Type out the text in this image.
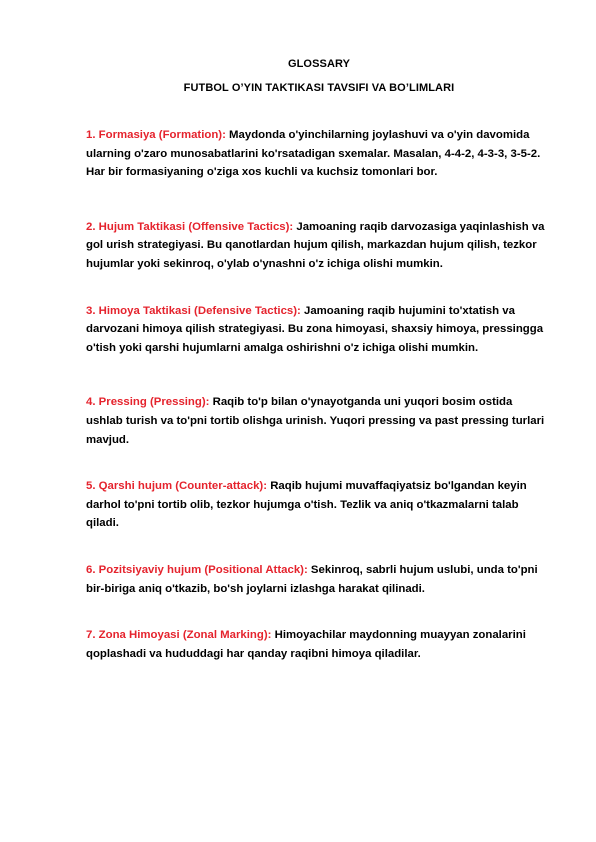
GLOSSARY

FUTBOL O’YIN TAKTIKASI TAVSIFI VA BO’LIMLARI

1. Formasiya (Formation): Maydonda o'yinchilarning joylashuvi va o'yin davomida ularning o'zaro munosabatlarini ko'rsatadigan sxemalar. Masalan, 4-4-2, 4-3-3, 3-5-2. Har bir formasiyaning o'ziga xos kuchli va kuchsiz tomonlari bor.

2. Hujum Taktikasi (Offensive Tactics): Jamoaning raqib darvozasiga yaqinlashish va gol urish strategiyasi. Bu qanotlardan hujum qilish, markazdan hujum qilish, tezkor hujumlar yoki sekinroq, o'ylab o'ynashni o'z ichiga olishi mumkin.

3. Himoya Taktikasi (Defensive Tactics): Jamoaning raqib hujumini to'xtatish va darvozani himoya qilish strategiyasi. Bu zona himoyasi, shaxsiy himoya, pressingga o'tish yoki qarshi hujumlarni amalga oshirishni o'z ichiga olishi mumkin.

4. Pressing (Pressing): Raqib to'p bilan o'ynayotganda uni yuqori bosim ostida ushlab turish va to'pni tortib olishga urinish. Yuqori pressing va past pressing turlari mavjud.

5. Qarshi hujum (Counter-attack): Raqib hujumi muvaffaqiyatsiz bo'lgandan keyin darhol to'pni tortib olib, tezkor hujumga o'tish. Tezlik va aniq o'tkazmalarni talab qiladi.

6. Pozitsiyaviy hujum (Positional Attack): Sekinroq, sabrli hujum uslubi, unda to'pni bir-biriga aniq o'tkazib, bo'sh joylarni izlashga harakat qilinadi.

7. Zona Himoyasi (Zonal Marking): Himoyachilar maydonning muayyan zonalarini qoplashadi va hududdagi har qanday raqibni himoya qiladilar.
